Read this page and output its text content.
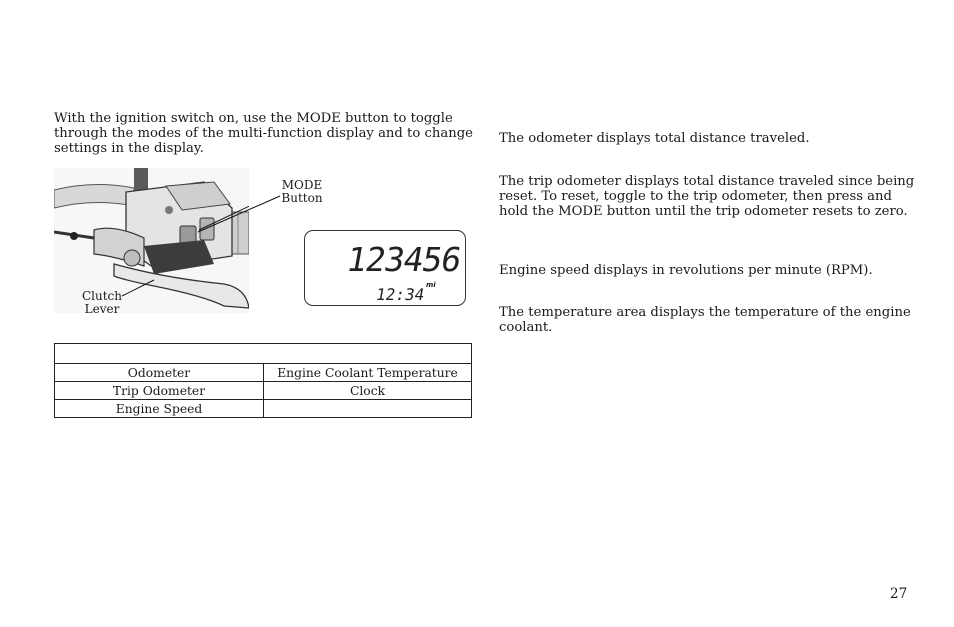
With the ignition switch on, use the MODE button to toggle through the modes of the multi-function display and to change settings in the display.

MODE
Button
Clutch
Lever
123456
mi
12:34

Odometer	Engine Coolant Temperature
Trip Odometer	Clock
Engine Speed	

The odometer displays total distance traveled.

The trip odometer displays total distance traveled since being reset. To reset, toggle to the trip odometer, then press and hold the MODE button until the trip odometer resets to zero.

Engine speed displays in revolutions per minute (RPM).

The temperature area displays the temperature of the engine coolant.

27
